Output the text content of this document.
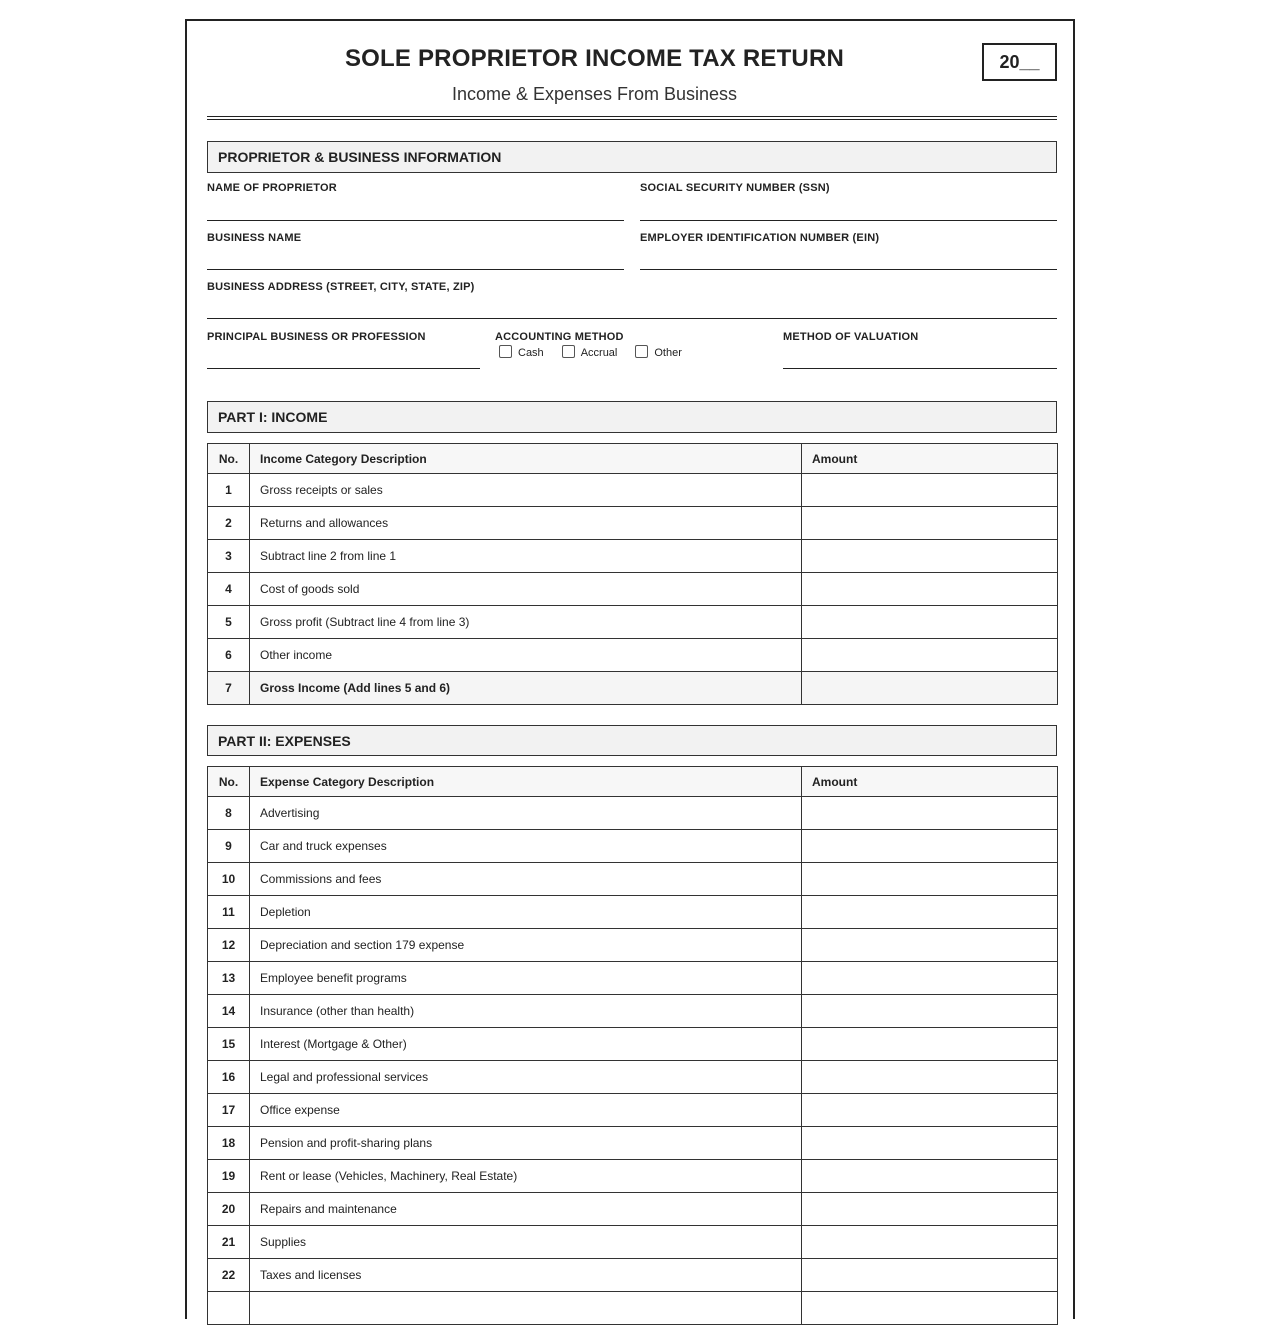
SOLE PROPRIETOR INCOME TAX RETURN
Income & Expenses From Business
20__
PROPRIETOR & BUSINESS INFORMATION
NAME OF PROPRIETOR	SOCIAL SECURITY NUMBER (SSN)
BUSINESS NAME	EMPLOYER IDENTIFICATION NUMBER (EIN)
BUSINESS ADDRESS (STREET, CITY, STATE, ZIP)
PRINCIPAL BUSINESS OR PROFESSION	ACCOUNTING METHOD
Cash	Accrual	Other
METHOD OF VALUATION
PART I: INCOME
No.	Income Category Description	Amount
1	Gross receipts or sales	
2	Returns and allowances	
3	Subtract line 2 from line 1	
4	Cost of goods sold	
5	Gross profit (Subtract line 4 from line 3)	
6	Other income	
7	Gross Income (Add lines 5 and 6)	
PART II: EXPENSES
No.	Expense Category Description	Amount
8	Advertising	
9	Car and truck expenses	
10	Commissions and fees	
11	Depletion	
12	Depreciation and section 179 expense	
13	Employee benefit programs	
14	Insurance (other than health)	
15	Interest (Mortgage & Other)	
16	Legal and professional services	
17	Office expense	
18	Pension and profit-sharing plans	
19	Rent or lease (Vehicles, Machinery, Real Estate)	
20	Repairs and maintenance	
21	Supplies	
22	Taxes and licenses	
